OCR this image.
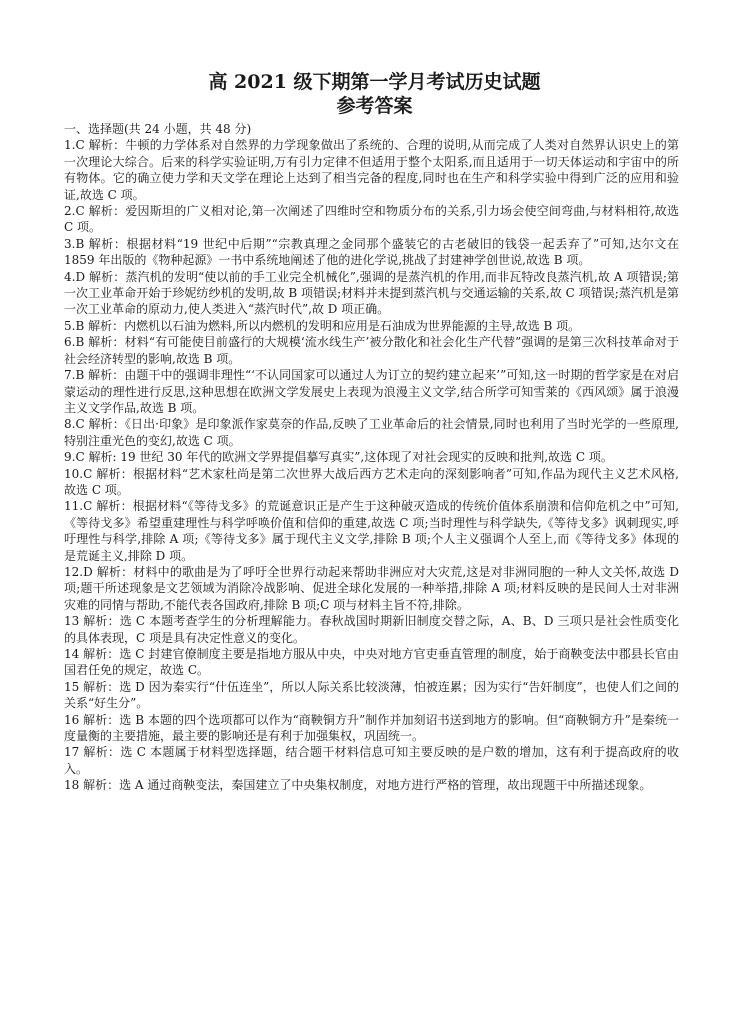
高 2021 级下期第一学月考试历史试题
参考答案

一、选择题(共 24 小题，共 48 分)

1.C 解析：牛顿的力学体系对自然界的力学现象做出了系统的、合理的说明,从而完成了人类对自然界认识史上的第一次理论大综合。后来的科学实验证明,万有引力定律不但适用于整个太阳系,而且适用于一切天体运动和宇宙中的所有物体。它的确立使力学和天文学在理论上达到了相当完备的程度,同时也在生产和科学实验中得到广泛的应用和验证,故选 C 项。

2.C 解析：爱因斯坦的广义相对论,第一次阐述了四维时空和物质分布的关系,引力场会使空间弯曲,与材料相符,故选 C 项。

3.B 解析：根据材料“19 世纪中后期”“宗教真理之金同那个盛装它的古老破旧的钱袋一起丢弃了”可知,达尔文在 1859 年出版的《物种起源》一书中系统地阐述了他的进化学说,挑战了封建神学创世说,故选 B 项。

4.D 解析：蒸汽机的发明“使以前的手工业完全机械化”,强调的是蒸汽机的作用,而非瓦特改良蒸汽机,故 A 项错误;第一次工业革命开始于珍妮纺纱机的发明,故 B 项错误;材料并未提到蒸汽机与交通运输的关系,故 C 项错误;蒸汽机是第一次工业革命的原动力,使人类进入“蒸汽时代”,故 D 项正确。

5.B 解析：内燃机以石油为燃料,所以内燃机的发明和应用是石油成为世界能源的主导,故选 B 项。

6.B 解析：材料“有可能使目前盛行的大规模‘流水线生产’被分散化和社会化生产代替”强调的是第三次科技革命对于社会经济转型的影响,故选 B 项。

7.B 解析：由题干中的强调非理性“‘不认同国家可以通过人为订立的契约建立起来’”可知,这一时期的哲学家是在对启蒙运动的理性进行反思,这种思想在欧洲文学发展史上表现为浪漫主义文学,结合所学可知雪莱的《西风颂》属于浪漫主义文学作品,故选 B 项。

8.C 解析：《日出·印象》是印象派作家莫奈的作品,反映了工业革命后的社会情景,同时也利用了当时光学的一些原理,特别注重光色的变幻,故选 C 项。

9.C 解析: 19 世纪 30 年代的欧洲文学界提倡摹写真实”,这体现了对社会现实的反映和批判,故选 C 项。

10.C 解析：根据材料“艺术家杜尚是第二次世界大战后西方艺术走向的深刻影响者”可知,作品为现代主义艺术风格,故选 C 项。

11.C 解析：根据材料“《等待戈多》的荒诞意识正是产生于这种破灭造成的传统价值体系崩溃和信仰危机之中”可知,《等待戈多》希望重建理性与科学呼唤价值和信仰的重建,故选 C 项;当时理性与科学缺失,《等待戈多》讽刺现实,呼吁理性与科学,排除 A 项;《等待戈多》属于现代主义文学,排除 B 项;个人主义强调个人至上,而《等待戈多》体现的是荒诞主义,排除 D 项。

12.D 解析：材料中的歌曲是为了呼吁全世界行动起来帮助非洲应对大灾荒,这是对非洲同胞的一种人文关怀,故选 D 项;题干所述现象是文艺领域为消除冷战影响、促进全球化发展的一种举措,排除 A 项;材料反映的是民间人士对非洲灾难的同情与帮助,不能代表各国政府,排除 B 项;C 项与材料主旨不符,排除。

13 解析：选 C 本题考查学生的分析理解能力。春秋战国时期新旧制度交替之际，A、B、D 三项只是社会性质变化的具体表现，C 项是具有决定性意义的变化。

14 解析：选 C 封建官僚制度主要是指地方服从中央，中央对地方官吏垂直管理的制度，始于商鞅变法中郡县长官由国君任免的规定，故选 C。

15 解析：选 D 因为秦实行“什伍连坐”，所以人际关系比较淡薄，怕被连累；因为实行“告奸制度”，也使人们之间的关系“好生分”。

16 解析：选 B 本题的四个选项都可以作为“商鞅铜方升”制作并加刻诏书送到地方的影响。但“商鞅铜方升”是秦统一度量衡的主要措施，最主要的影响还是有利于加强集权，巩固统一。

17 解析：选 C 本题属于材料型选择题，结合题干材料信息可知主要反映的是户数的增加，这有利于提高政府的收入。

18 解析：选 A 通过商鞅变法，秦国建立了中央集权制度，对地方进行严格的管理，故出现题干中所描述现象。
